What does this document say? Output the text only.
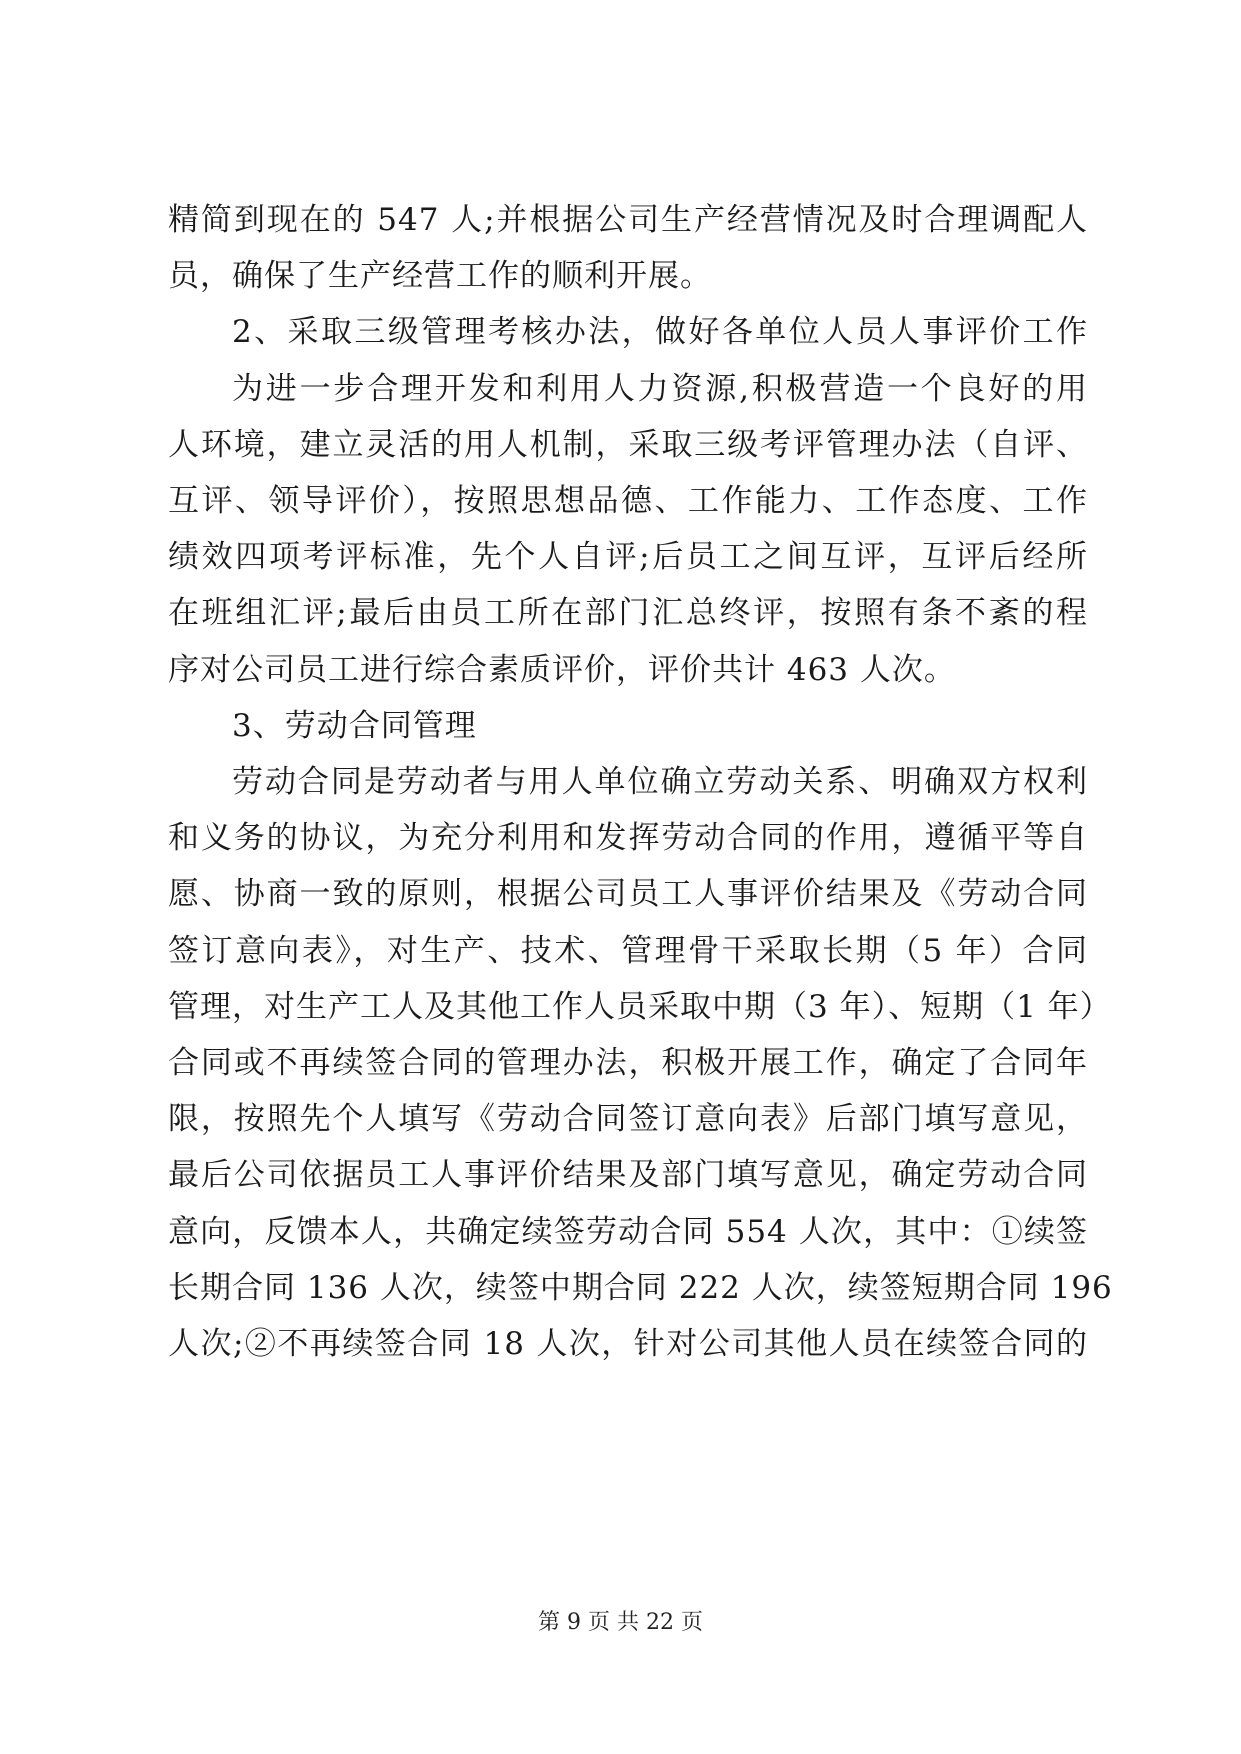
精简到现在的 547 人;并根据公司生产经营情况及时合理调配人
员，确保了生产经营工作的顺利开展。
2、采取三级管理考核办法，做好各单位人员人事评价工作
为进一步合理开发和利用人力资源,积极营造一个良好的用
人环境，建立灵活的用人机制，采取三级考评管理办法（自评、
互评、领导评价），按照思想品德、工作能力、工作态度、工作
绩效四项考评标准，先个人自评;后员工之间互评，互评后经所
在班组汇评;最后由员工所在部门汇总终评，按照有条不紊的程
序对公司员工进行综合素质评价，评价共计 463 人次。
3、劳动合同管理
劳动合同是劳动者与用人单位确立劳动关系、明确双方权利
和义务的协议，为充分利用和发挥劳动合同的作用，遵循平等自
愿、协商一致的原则，根据公司员工人事评价结果及《劳动合同
签订意向表》，对生产、技术、管理骨干采取长期（5 年）合同
管理，对生产工人及其他工作人员采取中期（3 年）、短期（1 年）
合同或不再续签合同的管理办法，积极开展工作，确定了合同年
限，按照先个人填写《劳动合同签订意向表》后部门填写意见，
最后公司依据员工人事评价结果及部门填写意见，确定劳动合同
意向，反馈本人，共确定续签劳动合同 554 人次，其中：①续签
长期合同 136 人次，续签中期合同 222 人次，续签短期合同 196
人次;②不再续签合同 18 人次，针对公司其他人员在续签合同的
第 9 页 共 22 页
